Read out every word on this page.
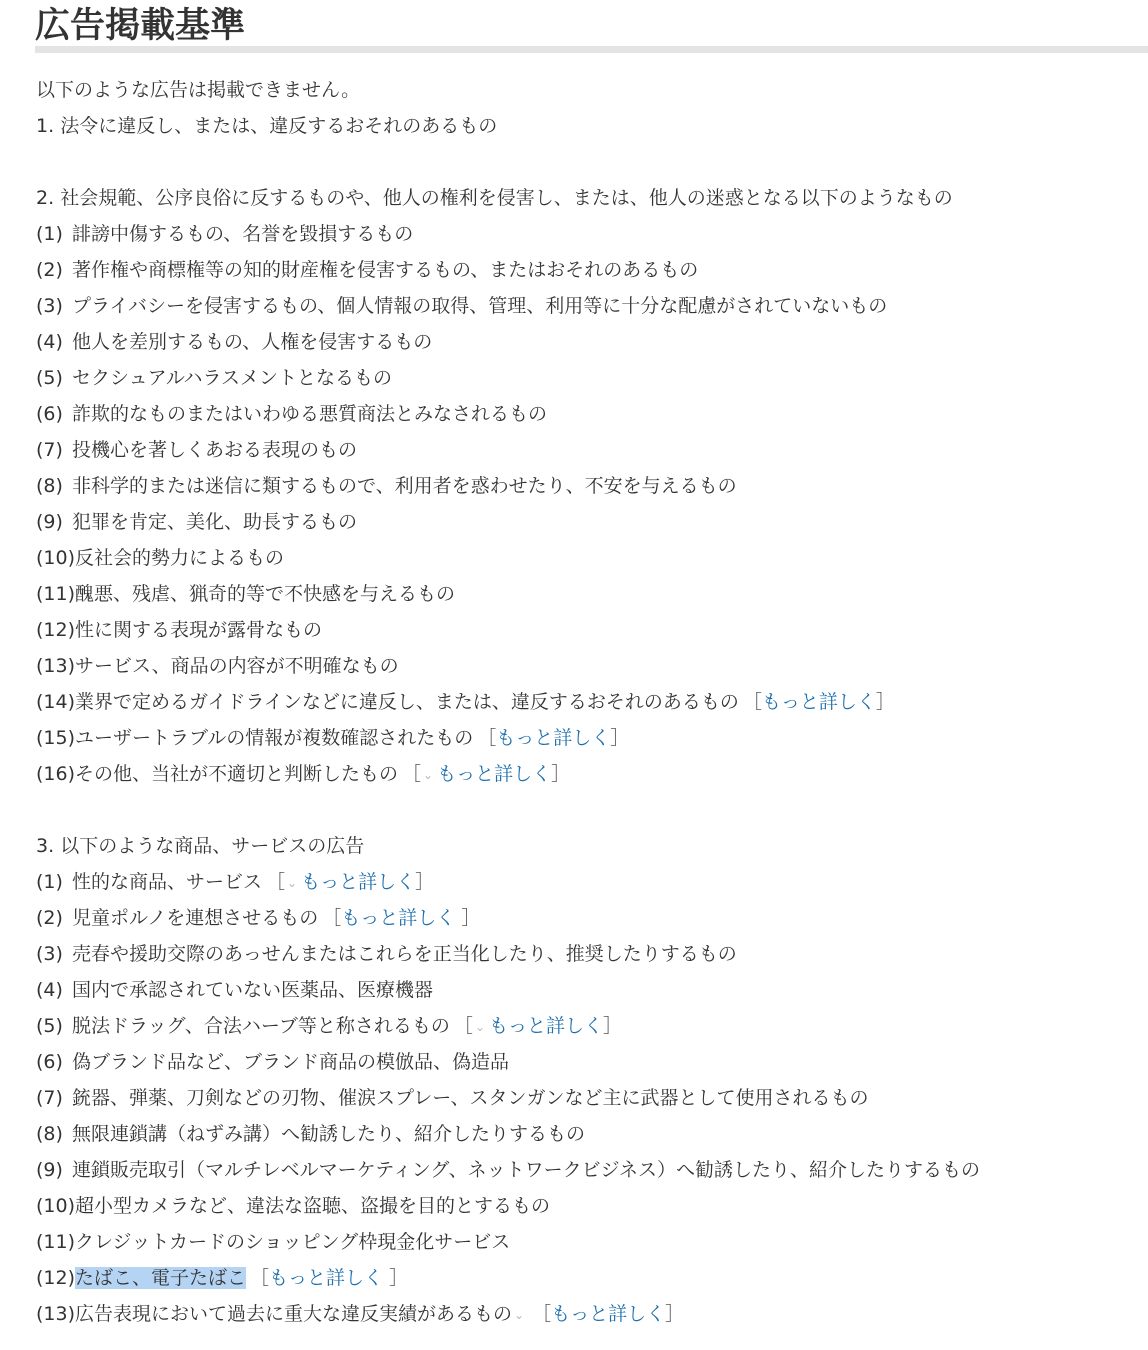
広告掲載基準
以下のような広告は掲載できません。
1. 法令に違反し、または、違反するおそれのあるもの
2. 社会規範、公序良俗に反するものや、他人の権利を侵害し、または、他人の迷惑となる以下のようなもの
(1) 誹謗中傷するもの、名誉を毀損するもの
(2) 著作権や商標権等の知的財産権を侵害するもの、またはおそれのあるもの
(3) プライバシーを侵害するもの、個人情報の取得、管理、利用等に十分な配慮がされていないもの
(4) 他人を差別するもの、人権を侵害するもの
(5) セクシュアルハラスメントとなるもの
(6) 詐欺的なものまたはいわゆる悪質商法とみなされるもの
(7) 投機心を著しくあおる表現のもの
(8) 非科学的または迷信に類するもので、利用者を惑わせたり、不安を与えるもの
(9) 犯罪を肯定、美化、助長するもの
(10)反社会的勢力によるもの
(11)醜悪、残虐、猟奇的等で不快感を与えるもの
(12)性に関する表現が露骨なもの
(13)サービス、商品の内容が不明確なもの
(14)業界で定めるガイドラインなどに違反し、または、違反するおそれのあるもの ［もっと詳しく］
(15)ユーザートラブルの情報が複数確認されたもの ［もっと詳しく］
(16)その他、当社が不適切と判断したもの ［ ⌄ もっと詳しく］
3. 以下のような商品、サービスの広告
(1) 性的な商品、サービス ［ ⌄ もっと詳しく］
(2) 児童ポルノを連想させるもの ［もっと詳しく ］
(3) 売春や援助交際のあっせんまたはこれらを正当化したり、推奨したりするもの
(4) 国内で承認されていない医薬品、医療機器
(5) 脱法ドラッグ、合法ハーブ等と称されるもの ［ ⌄ もっと詳しく］
(6) 偽ブランド品など、ブランド商品の模倣品、偽造品
(7) 銃器、弾薬、刀剣などの刃物、催涙スプレー、スタンガンなど主に武器として使用されるもの
(8) 無限連鎖講（ねずみ講）へ勧誘したり、紹介したりするもの
(9) 連鎖販売取引（マルチレベルマーケティング、ネットワークビジネス）へ勧誘したり、紹介したりするもの
(10)超小型カメラなど、違法な盗聴、盗撮を目的とするもの
(11)クレジットカードのショッピング枠現金化サービス
(12)たばこ、電子たばこ ［もっと詳しく ］
(13)広告表現において過去に重大な違反実績があるもの ⌄ ［もっと詳しく］
